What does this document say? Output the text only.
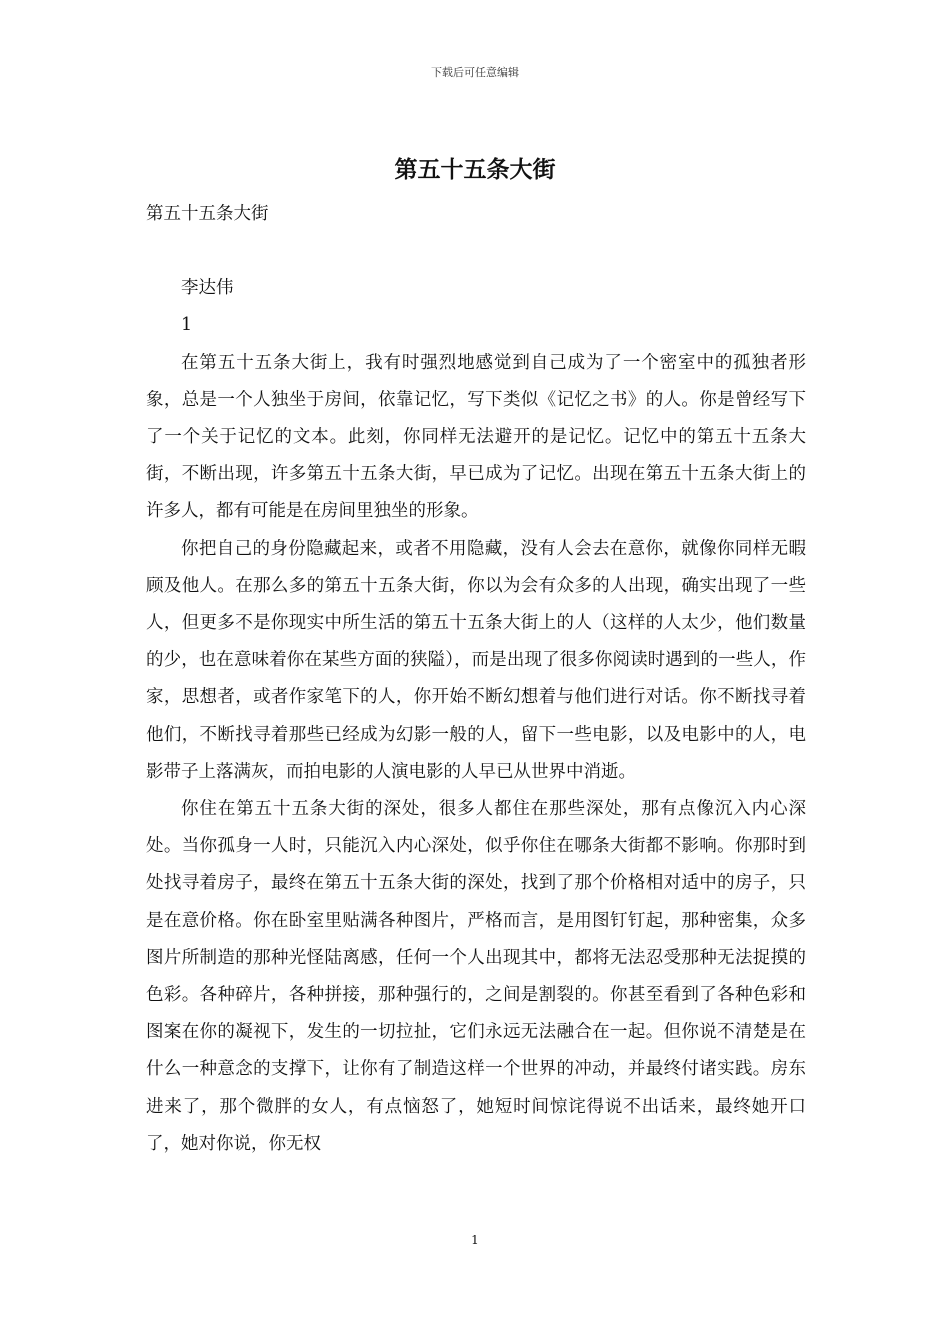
下载后可任意编辑
第五十五条大街

第五十五条大街

李达伟

1

在第五十五条大街上，我有时强烈地感觉到自己成为了一个密室中的孤独者形象，总是一个人独坐于房间，依靠记忆，写下类似《记忆之书》的人。你是曾经写下了一个关于记忆的文本。此刻，你同样无法避开的是记忆。记忆中的第五十五条大街，不断出现，许多第五十五条大街，早已成为了记忆。出现在第五十五条大街上的许多人，都有可能是在房间里独坐的形象。

你把自己的身份隐藏起来，或者不用隐藏，没有人会去在意你，就像你同样无暇顾及他人。在那么多的第五十五条大街，你以为会有众多的人出现，确实出现了一些人，但更多不是你现实中所生活的第五十五条大街上的人（这样的人太少，他们数量的少，也在意味着你在某些方面的狭隘），而是出现了很多你阅读时遇到的一些人，作家，思想者，或者作家笔下的人，你开始不断幻想着与他们进行对话。你不断找寻着他们，不断找寻着那些已经成为幻影一般的人，留下一些电影，以及电影中的人，电影带子上落满灰，而拍电影的人演电影的人早已从世界中消逝。

你住在第五十五条大街的深处，很多人都住在那些深处，那有点像沉入内心深处。当你孤身一人时，只能沉入内心深处，似乎你住在哪条大街都不影响。你那时到处找寻着房子，最终在第五十五条大街的深处，找到了那个价格相对适中的房子，只是在意价格。你在卧室里贴满各种图片，严格而言，是用图钉钉起，那种密集，众多图片所制造的那种光怪陆离感，任何一个人出现其中，都将无法忍受那种无法捉摸的色彩。各种碎片，各种拼接，那种强行的，之间是割裂的。你甚至看到了各种色彩和图案在你的凝视下，发生的一切拉扯，它们永远无法融合在一起。但你说不清楚是在什么一种意念的支撑下，让你有了制造这样一个世界的冲动，并最终付诸实践。房东进来了，那个微胖的女人，有点恼怒了，她短时间惊诧得说不出话来，最终她开口了，她对你说，你无权

1
